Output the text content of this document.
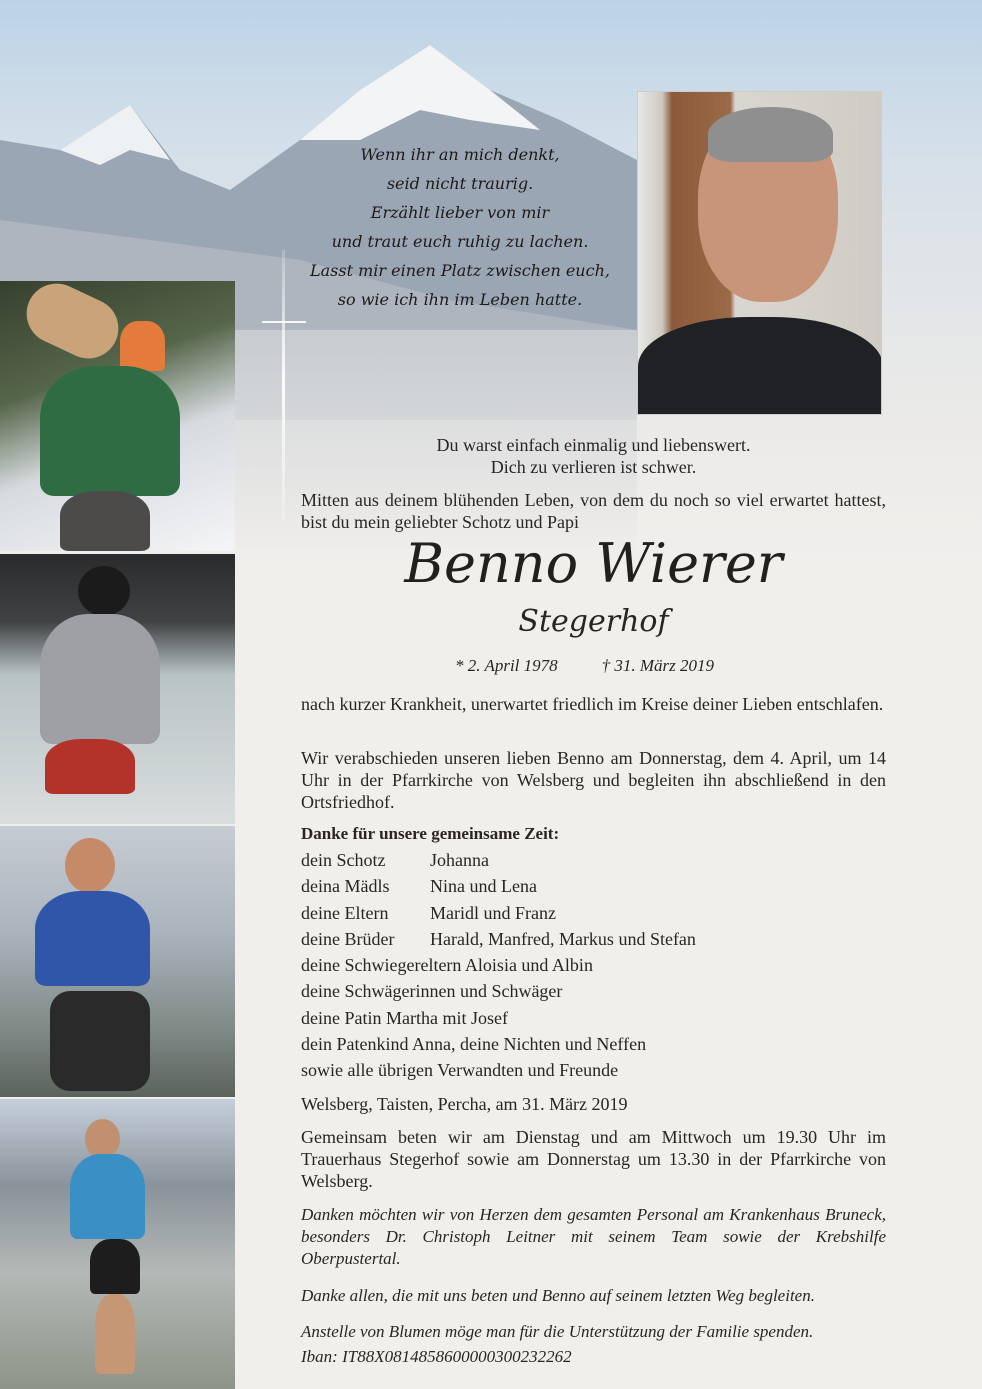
Wenn ihr an mich denkt,
seid nicht traurig.
Erzählt lieber von mir
und traut euch ruhig zu lachen.
Lasst mir einen Platz zwischen euch,
so wie ich ihn im Leben hatte.
Du warst einfach einmalig und liebenswert.
Dich zu verlieren ist schwer.
Mitten aus deinem blühenden Leben, von dem du noch so viel erwartet hattest, bist du mein geliebter Schotz und Papi
Benno Wierer
Stegerhof
* 2. April 1978	† 31. März 2019
nach kurzer Krankheit, unerwartet friedlich im Kreise deiner Lieben entschlafen.
Wir verabschieden unseren lieben Benno am Donnerstag, dem 4. April, um 14 Uhr in der Pfarrkirche von Welsberg und begleiten ihn abschließend in den Ortsfriedhof.
Danke für unsere gemeinsame Zeit:
dein Schotz	Johanna
deina Mädls	Nina und Lena
deine Eltern	Maridl und Franz
deine Brüder	Harald, Manfred, Markus und Stefan
deine Schwiegereltern Aloisia und Albin
deine Schwägerinnen und Schwäger
deine Patin Martha mit Josef
dein Patenkind Anna, deine Nichten und Neffen
sowie alle übrigen Verwandten und Freunde
Welsberg, Taisten, Percha, am 31. März 2019
Gemeinsam beten wir am Dienstag und am Mittwoch um 19.30 Uhr im Trauerhaus Stegerhof sowie am Donnerstag um 13.30 in der Pfarrkirche von Welsberg.
Danken möchten wir von Herzen dem gesamten Personal am Krankenhaus Bruneck, besonders Dr. Christoph Leitner mit seinem Team sowie der Krebshilfe Oberpustertal.
Danke allen, die mit uns beten und Benno auf seinem letzten Weg begleiten.
Anstelle von Blumen möge man für die Unterstützung der Familie spenden.
Iban: IT88X0814858600000300232262
